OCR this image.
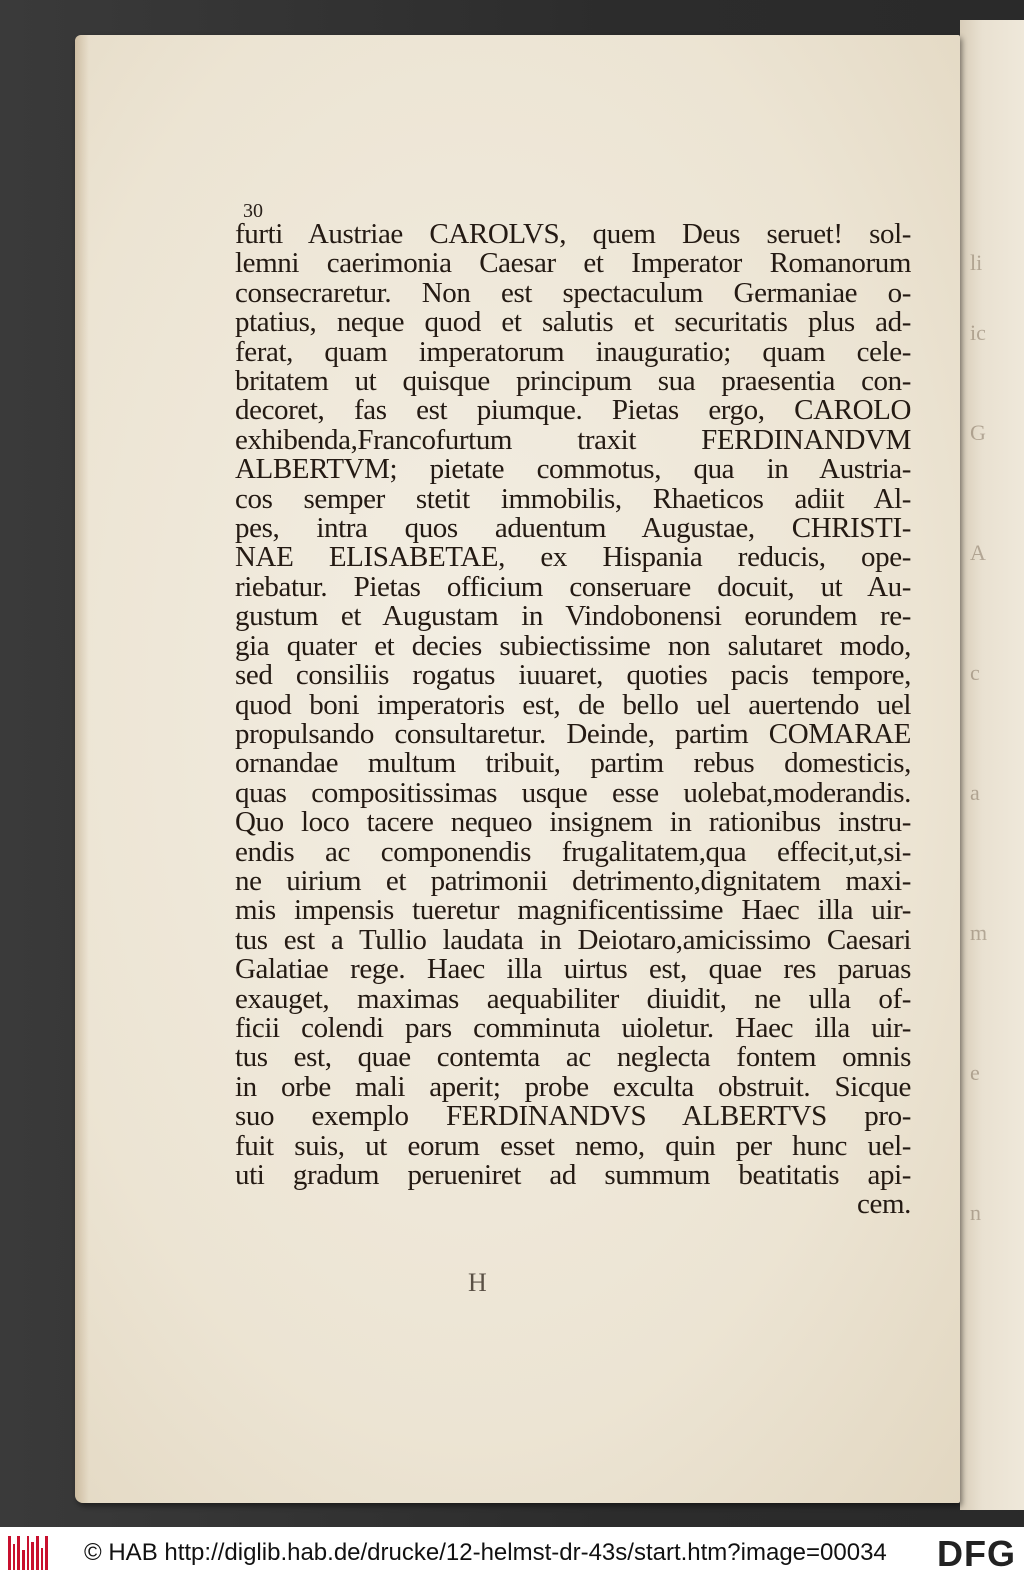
li
ic
G
A
c
a
m
e
n
30
furti Austriae CAROLVS, quem Deus seruet! sol-
lemni caerimonia Caesar et Imperator Romanorum
consecraretur. Non est spectaculum Germaniae o-
ptatius, neque quod et salutis et securitatis plus ad-
ferat, quam imperatorum inauguratio; quam cele-
britatem ut quisque principum sua praesentia con-
decoret, fas est piumque. Pietas ergo, CAROLO
exhibenda,Francofurtum traxit FERDINANDVM
ALBERTVM; pietate commotus, qua in Austria-
cos semper stetit immobilis, Rhaeticos adiit Al-
pes, intra quos aduentum Augustae, CHRISTI-
NAE ELISABETAE, ex Hispania reducis, ope-
riebatur. Pietas officium conseruare docuit, ut Au-
gustum et Augustam in Vindobonensi eorundem re-
gia quater et decies subiectissime non salutaret modo,
sed consiliis rogatus iuuaret, quoties pacis tempore,
quod boni imperatoris est, de bello uel auertendo uel
propulsando consultaretur. Deinde, partim COMARAE
ornandae multum tribuit, partim rebus domesticis,
quas compositissimas usque esse uolebat,moderandis.
Quo loco tacere nequeo insignem in rationibus instru-
endis ac componendis frugalitatem,qua effecit,ut,si-
ne uirium et patrimonii detrimento,dignitatem maxi-
mis impensis tueretur magnificentissime Haec illa uir-
tus est a Tullio laudata in Deiotaro,amicissimo Caesari
Galatiae rege. Haec illa uirtus est, quae res paruas
exauget, maximas aequabiliter diuidit, ne ulla of-
ficii colendi pars comminuta uioletur. Haec illa uir-
tus est, quae contemta ac neglecta fontem omnis
in orbe mali aperit; probe exculta obstruit. Sicque
suo exemplo FERDINANDVS ALBERTVS pro-
fuit suis, ut eorum esset nemo, quin per hunc uel-
uti gradum perueniret ad summum beatitatis api-
cem.
H
© HAB http://diglib.hab.de/drucke/12-helmst-dr-43s/start.htm?image=00034 DFG
